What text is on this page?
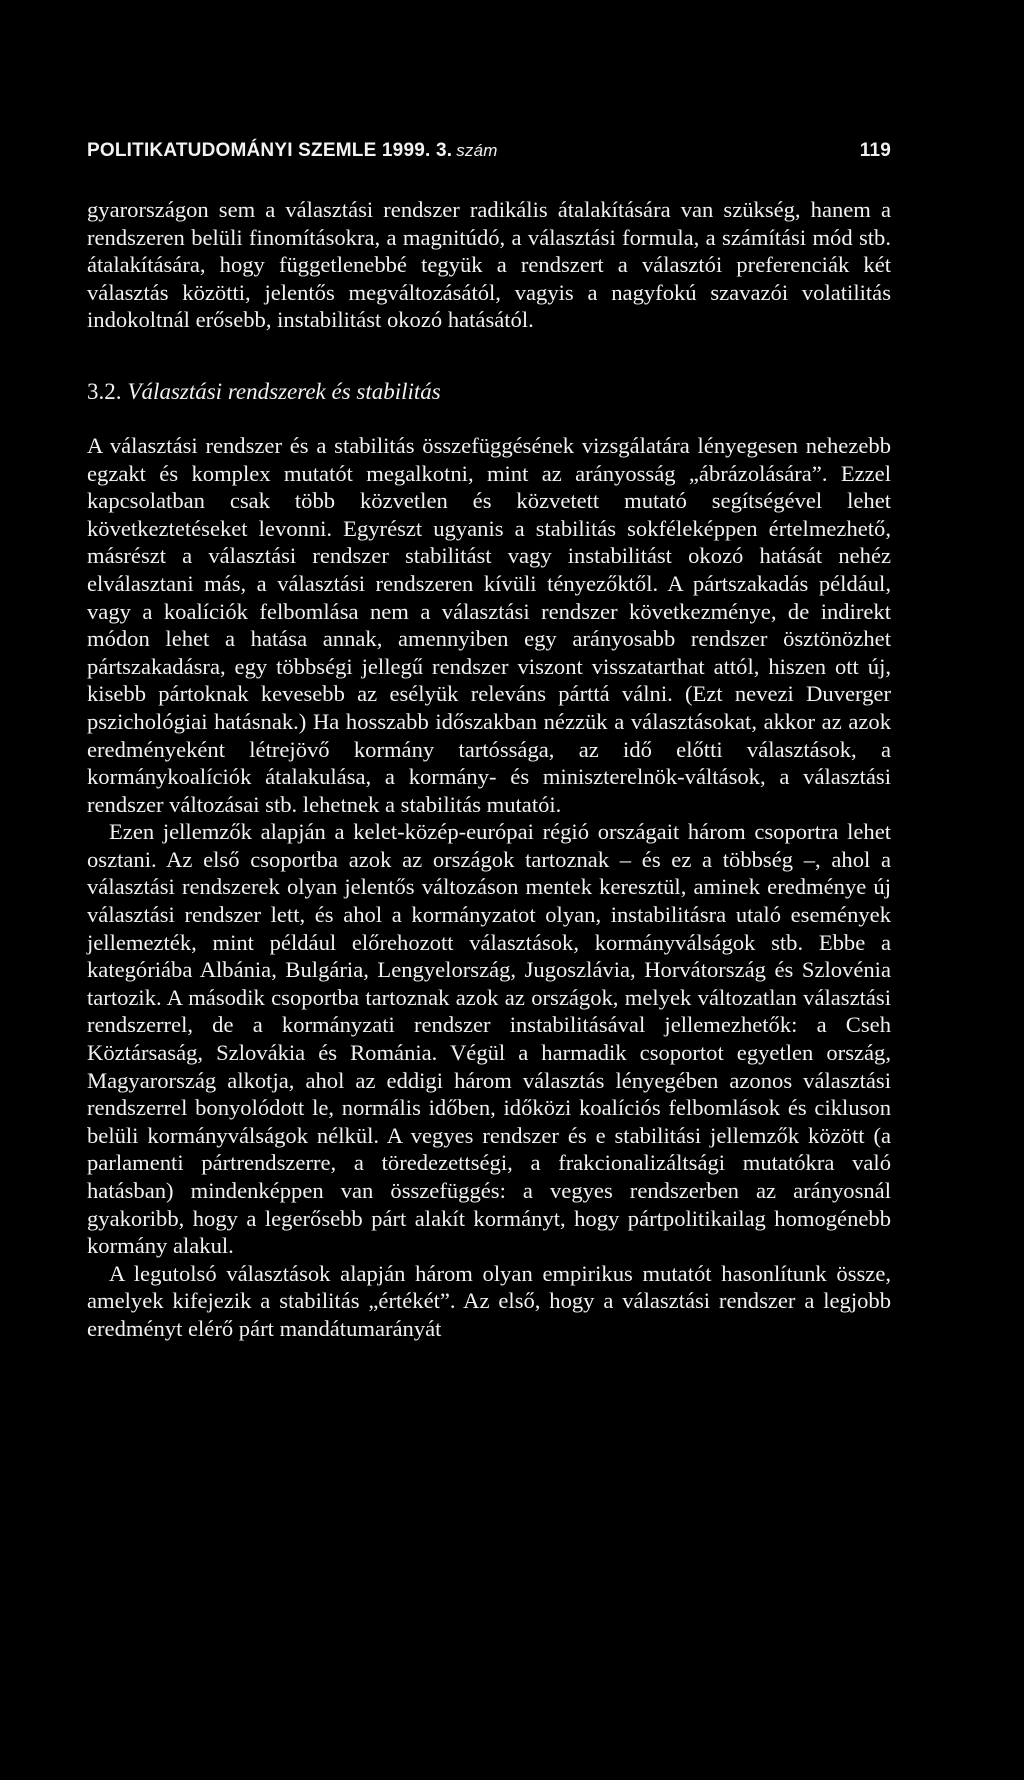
POLITIKATUDOMÁNYI SZEMLE 1999. 3. szám	119

gyarországon sem a választási rendszer radikális átalakítására van szükség, hanem a rendszeren belüli finomításokra, a magnitúdó, a választási formula, a számítási mód stb. átalakítására, hogy függetlenebbé tegyük a rendszert a választói preferenciák két választás közötti, jelentős megváltozásától, vagyis a nagyfokú szavazói volatilitás indokoltnál erősebb, instabilitást okozó hatásától.

3.2. Választási rendszerek és stabilitás

A választási rendszer és a stabilitás összefüggésének vizsgálatára lényegesen nehezebb egzakt és komplex mutatót megalkotni, mint az arányosság „ábrázolására”. Ezzel kapcsolatban csak több közvetlen és közvetett mutató segítségével lehet következtetéseket levonni. Egyrészt ugyanis a stabilitás sokféleképpen értelmezhető, másrészt a választási rendszer stabilitást vagy instabilitást okozó hatását nehéz elválasztani más, a választási rendszeren kívüli tényezőktől. A pártszakadás például, vagy a koalíciók felbomlása nem a választási rendszer következménye, de indirekt módon lehet a hatása annak, amennyiben egy arányosabb rendszer ösztönözhet pártszakadásra, egy többségi jellegű rendszer viszont visszatarthat attól, hiszen ott új, kisebb pártoknak kevesebb az esélyük releváns párttá válni. (Ezt nevezi Duverger pszichológiai hatásnak.) Ha hosszabb időszakban nézzük a választásokat, akkor az azok eredményeként létrejövő kormány tartóssága, az idő előtti választások, a kormánykoalíciók átalakulása, a kormány- és miniszterelnök-váltások, a választási rendszer változásai stb. lehetnek a stabilitás mutatói.

Ezen jellemzők alapján a kelet-közép-európai régió országait három csoportra lehet osztani. Az első csoportba azok az országok tartoznak – és ez a többség –, ahol a választási rendszerek olyan jelentős változáson mentek keresztül, aminek eredménye új választási rendszer lett, és ahol a kormányzatot olyan, instabilitásra utaló események jellemezték, mint például előrehozott választások, kormányválságok stb. Ebbe a kategóriába Albánia, Bulgária, Lengyelország, Jugoszlávia, Horvátország és Szlovénia tartozik. A második csoportba tartoznak azok az országok, melyek változatlan választási rendszerrel, de a kormányzati rendszer instabilitásával jellemezhetők: a Cseh Köztársaság, Szlovákia és Románia. Végül a harmadik csoportot egyetlen ország, Magyarország alkotja, ahol az eddigi három választás lényegében azonos választási rendszerrel bonyolódott le, normális időben, időközi koalíciós felbomlások és cikluson belüli kormányválságok nélkül. A vegyes rendszer és e stabilitási jellemzők között (a parlamenti pártrendszerre, a töredezettségi, a frakcionalizáltsági mutatókra való hatásban) mindenképpen van összefüggés: a vegyes rendszerben az arányosnál gyakoribb, hogy a legerősebb párt alakít kormányt, hogy pártpolitikailag homogénebb kormány alakul.

A legutolsó választások alapján három olyan empirikus mutatót hasonlítunk össze, amelyek kifejezik a stabilitás „értékét”. Az első, hogy a választási rendszer a legjobb eredményt elérő párt mandátumarányát
